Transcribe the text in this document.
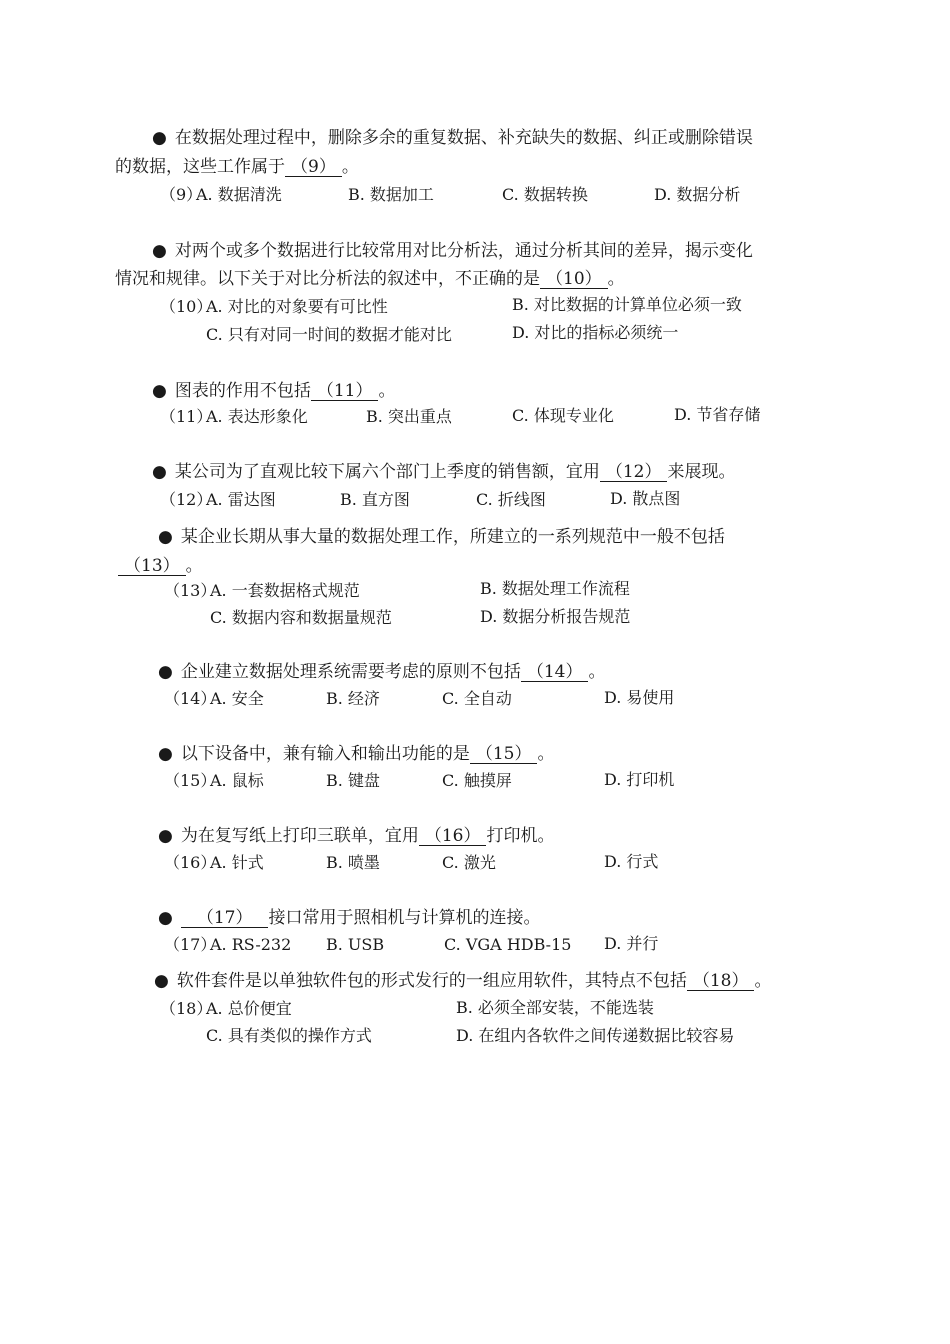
● 在数据处理过程中，删除多余的重复数据、补充缺失的数据、纠正或删除错误
的数据，这些工作属于 （9） 。
（9）
A. 数据清洗	B. 数据加工	C. 数据转换	D. 数据分析
● 对两个或多个数据进行比较常用对比分析法，通过分析其间的差异，揭示变化
情况和规律。以下关于对比分析法的叙述中，不正确的是 （10） 。
（10）
A. 对比的对象要有可比性	B. 对比数据的计算单位必须一致
C. 只有对同一时间的数据才能对比	D. 对比的指标必须统一
● 图表的作用不包括 （11） 。
（11）
A. 表达形象化	B. 突出重点	C. 体现专业化	D. 节省存储
● 某公司为了直观比较下属六个部门上季度的销售额，宜用 （12） 来展现。
（12）
A. 雷达图	B. 直方图	C. 折线图	D. 散点图
● 某企业长期从事大量的数据处理工作，所建立的一系列规范中一般不包括
（13） 。
（13）
A. 一套数据格式规范	B. 数据处理工作流程
C. 数据内容和数据量规范	D. 数据分析报告规范
● 企业建立数据处理系统需要考虑的原则不包括 （14） 。
（14）
A. 安全	B. 经济	C. 全自动	D. 易使用
● 以下设备中，兼有输入和输出功能的是 （15） 。
（15）
A. 鼠标	B. 键盘	C. 触摸屏	D. 打印机
● 为在复写纸上打印三联单，宜用 （16） 打印机。
（16）
A. 针式	B. 喷墨	C. 激光	D. 行式
● （17） 接口常用于照相机与计算机的连接。
（17）
A. RS-232 B. USB	C. VGA HDB-15 D. 并行
● 软件套件是以单独软件包的形式发行的一组应用软件，其特点不包括 （18） 。
（18）
A. 总价便宜	B. 必须全部安装，不能选装
C. 具有类似的操作方式	D. 在组内各软件之间传递数据比较容易
